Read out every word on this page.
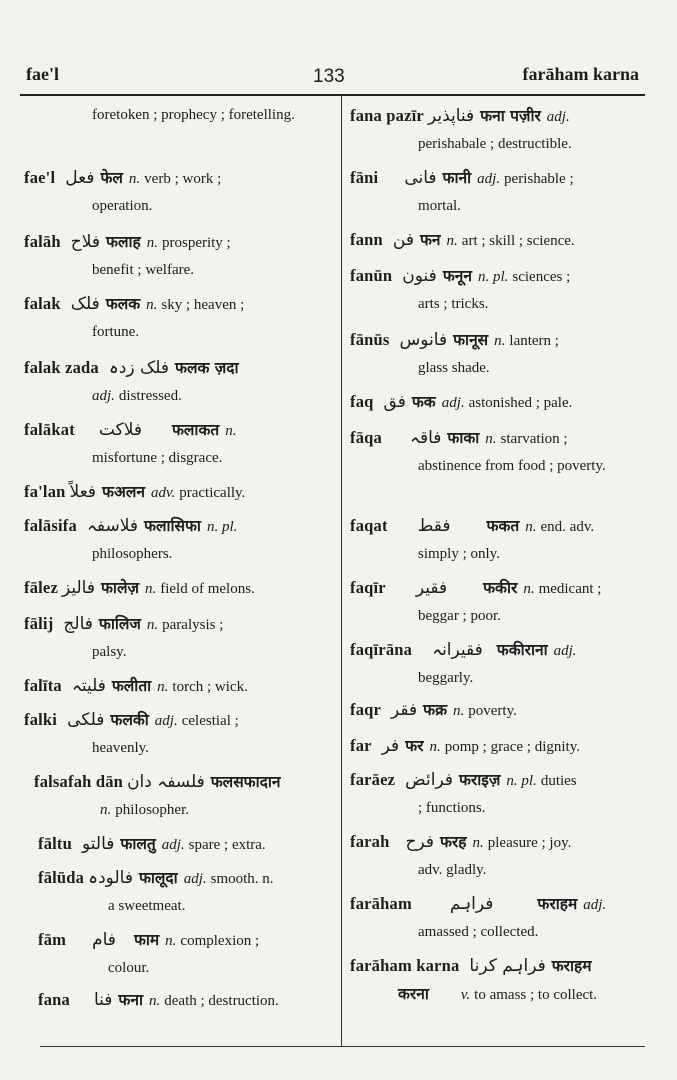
fae'l	133	farāham karna
foretoken ; prophecy ; foretelling.
fae'l فعل फेल n. verb ; work ;
operation.
falāh فلاح फलाह n. prosperity ;
benefit ; welfare.
falak فلک फलक n. sky ; heaven ;
fortune.
falak zada فلک زدہ फलक ज़दा
adj. distressed.
falākat فلاکت फलाकत n.
misfortune ; disgrace.
fa'lan فعلاً फअलन adv. practically.
falāsifa فلاسفہ फलासिफा n. pl.
philosophers.
fālez فالیز फालेज़ n. field of melons.
fālij فالج फालिज n. paralysis ;
palsy.
falīta فلیتہ फलीता n. torch ; wick.
falki فلکی फलकी adj. celestial ;
heavenly.
falsafah dān فلسفہ دان फलसफादान
n. philosopher.
fāltu فالتو फालतु adj. spare ; extra.
fālūda فالودہ फालूदा adj. smooth. n.
a sweetmeat.
fām فام फाम n. complexion ;
colour.
fana فنا फना n. death ; destruction.
fana pazīr فناپذیر फना पज़ीर adj.
perishabale ; destructible.
fāni فانی फानी adj. perishable ;
mortal.
fann فن फन n. art ; skill ; science.
fanūn فنون फनून n. pl. sciences ;
arts ; tricks.
fānūs فانوس फानूस n. lantern ;
glass shade.
faq فق फक adj. astonished ; pale.
fāqa فاقہ फाका n. starvation ;
abstinence from food ; poverty.
faqat فقط फकत n. end. adv.
simply ; only.
faqīr فقیر फकीर n. medicant ;
beggar ; poor.
faqīrāna فقیرانہ फकीराना adj.
beggarly.
faqr فقر फक्र n. poverty.
far فر फर n. pomp ; grace ; dignity.
farāez فرائض फराइज़ n. pl. duties
; functions.
farah فرح फरह n. pleasure ; joy.
adv. gladly.
farāham فراہم	फराहम adj.
amassed ; collected.
farāham karna فراہم کرنا फराहम
करना v. to amass ; to collect.
